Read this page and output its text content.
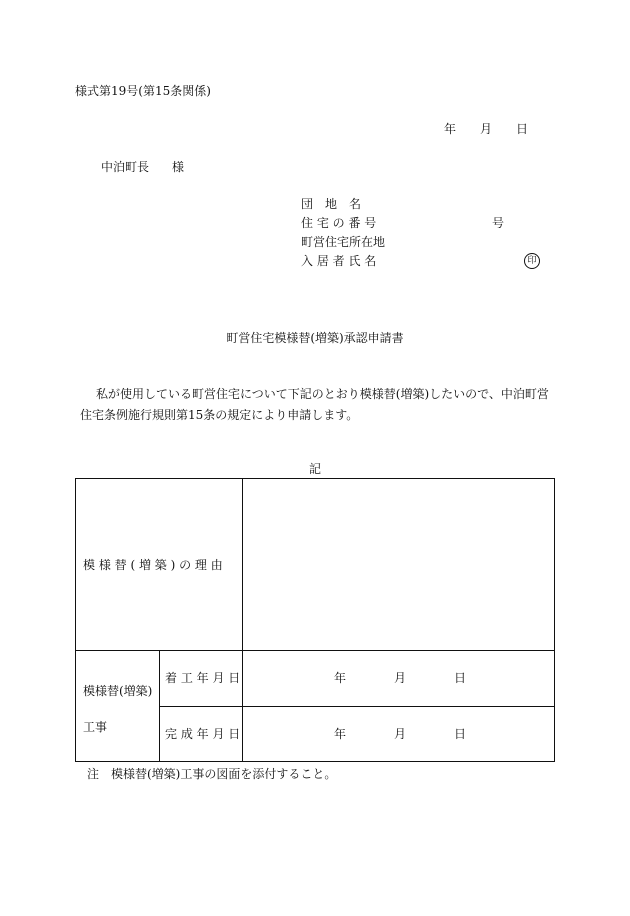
様式第19号(第15条関係)
年 月 日
中泊町長 様
団　地　名
住 宅 の 番 号	号
町営住宅所在地
入 居 者 氏 名	印
町営住宅模様替(増築)承認申請書
私が使用している町営住宅について下記のとおり模様替(増築)したいので、中泊町営
住宅条例施行規則第15条の規定により申請します。
記
模 様 替 ( 増 築 ) の 理 由
模様替(増築)
工事
着 工 年 月 日	年	月	日
完 成 年 月 日	年	月	日
注　模様替(増築)工事の図面を添付すること。
